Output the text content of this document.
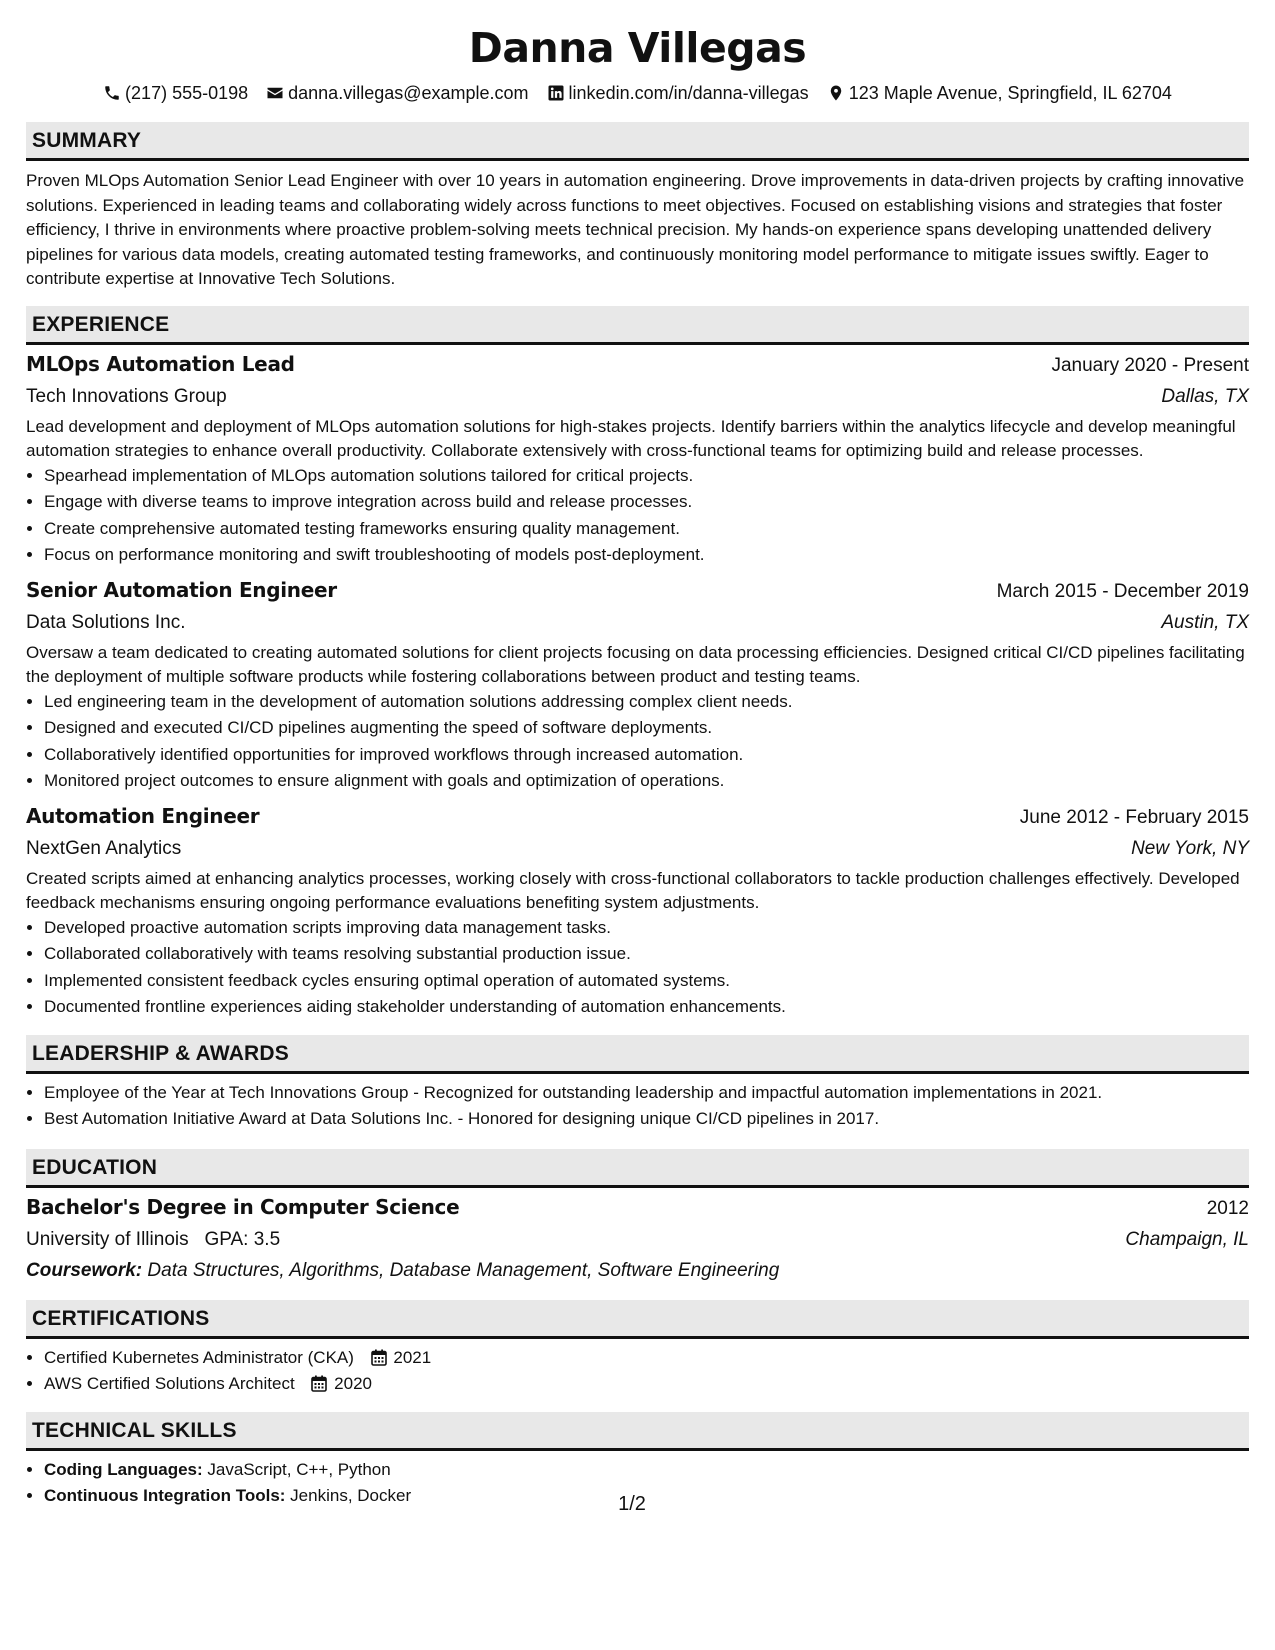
Danna Villegas
(217) 555-0198 danna.villegas@example.com linkedin.com/in/danna-villegas 123 Maple Avenue, Springfield, IL 62704
SUMMARY
Proven MLOps Automation Senior Lead Engineer with over 10 years in automation engineering. Drove improvements in data-driven projects by crafting innovative solutions. Experienced in leading teams and collaborating widely across functions to meet objectives. Focused on establishing visions and strategies that foster efficiency, I thrive in environments where proactive problem-solving meets technical precision. My hands-on experience spans developing unattended delivery pipelines for various data models, creating automated testing frameworks, and continuously monitoring model performance to mitigate issues swiftly. Eager to contribute expertise at Innovative Tech Solutions.
EXPERIENCE
MLOps Automation Lead	January 2020 - Present
Tech Innovations Group	Dallas, TX
Lead development and deployment of MLOps automation solutions for high-stakes projects. Identify barriers within the analytics lifecycle and develop meaningful automation strategies to enhance overall productivity. Collaborate extensively with cross-functional teams for optimizing build and release processes.
• Spearhead implementation of MLOps automation solutions tailored for critical projects.
• Engage with diverse teams to improve integration across build and release processes.
• Create comprehensive automated testing frameworks ensuring quality management.
• Focus on performance monitoring and swift troubleshooting of models post-deployment.
Senior Automation Engineer	March 2015 - December 2019
Data Solutions Inc.	Austin, TX
Oversaw a team dedicated to creating automated solutions for client projects focusing on data processing efficiencies. Designed critical CI/CD pipelines facilitating the deployment of multiple software products while fostering collaborations between product and testing teams.
• Led engineering team in the development of automation solutions addressing complex client needs.
• Designed and executed CI/CD pipelines augmenting the speed of software deployments.
• Collaboratively identified opportunities for improved workflows through increased automation.
• Monitored project outcomes to ensure alignment with goals and optimization of operations.
Automation Engineer	June 2012 - February 2015
NextGen Analytics	New York, NY
Created scripts aimed at enhancing analytics processes, working closely with cross-functional collaborators to tackle production challenges effectively. Developed feedback mechanisms ensuring ongoing performance evaluations benefiting system adjustments.
• Developed proactive automation scripts improving data management tasks.
• Collaborated collaboratively with teams resolving substantial production issue.
• Implemented consistent feedback cycles ensuring optimal operation of automated systems.
• Documented frontline experiences aiding stakeholder understanding of automation enhancements.
LEADERSHIP & AWARDS
• Employee of the Year at Tech Innovations Group - Recognized for outstanding leadership and impactful automation implementations in 2021.
• Best Automation Initiative Award at Data Solutions Inc. - Honored for designing unique CI/CD pipelines in 2017.
EDUCATION
Bachelor's Degree in Computer Science	2012
University of Illinois GPA: 3.5	Champaign, IL
Coursework: Data Structures, Algorithms, Database Management, Software Engineering
CERTIFICATIONS
• Certified Kubernetes Administrator (CKA) 2021
• AWS Certified Solutions Architect 2020
TECHNICAL SKILLS
• Coding Languages: JavaScript, C++, Python
• Continuous Integration Tools: Jenkins, Docker	1/2
